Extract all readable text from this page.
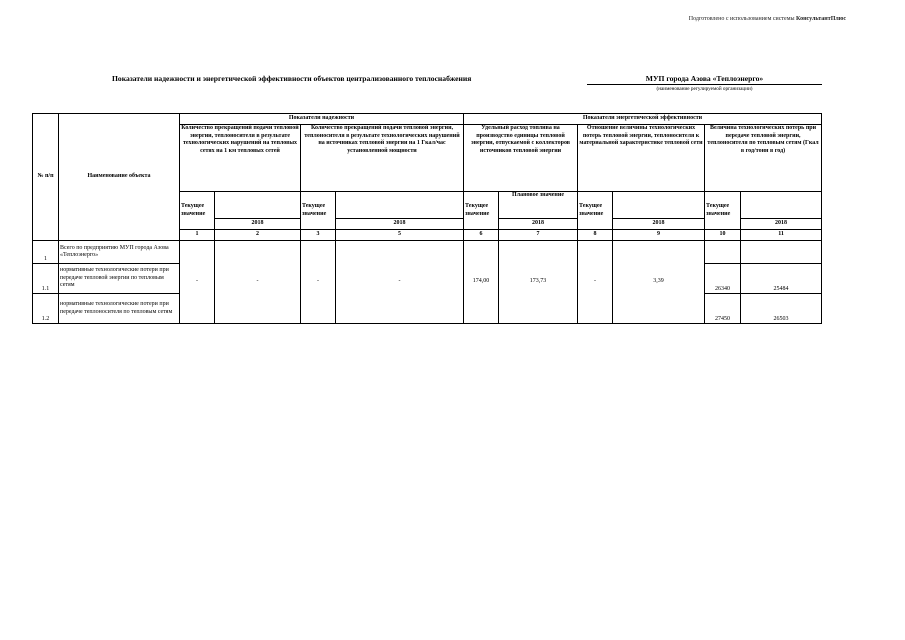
Подготовлено с использованием системы КонсультантПлюс
Показатели надежности и энергетической эффективности объектов централизованного теплоснабжения	МУП города Азова «Теплоэнерго»
(наименование регулируемой организации)
№ п/п	Наименование объекта	Показатели надежности				Показатели энергетической эффективности						
		Количество прекращений подачи тепловой энергии, теплоносителя в результате технологических нарушений на тепловых сетях на 1 км тепловых сетей		Количество прекращений подачи тепловой энергии, теплоносителя в результате технологических нарушений на источниках тепловой энергии на 1 Гкал/час установленной мощности		Удельный расход топлива на производство единицы тепловой энергии, отпускаемой с коллекторов источников тепловой энергии		Отношение величины технологических потерь тепловой энергии, теплоносителя к материальной характеристике тепловой сети		Величина технологических потерь при передаче тепловой энергии, теплоносителя по тепловым сетям (Гкал в год/тонн в год)		

		Текущее значение		Текущее значение		Текущее значение	Плановое значение	Текущее значение		Текущее значение		

			2018		2018		2018		2018		2018	
		1	2	3	5	6	7	8	9	10	11		
1	Всего по предприятию МУП города Азова «Теплоэнерго»	-	-	-	-	174,00	173,73	-	3,39			
1.1	нормативные технологические потери при передаче тепловой энергии по тепловым сетям									26340	25484	
1.2	нормативные технологические потери при передаче теплоносителя по тепловым сетям									27450	26503	
